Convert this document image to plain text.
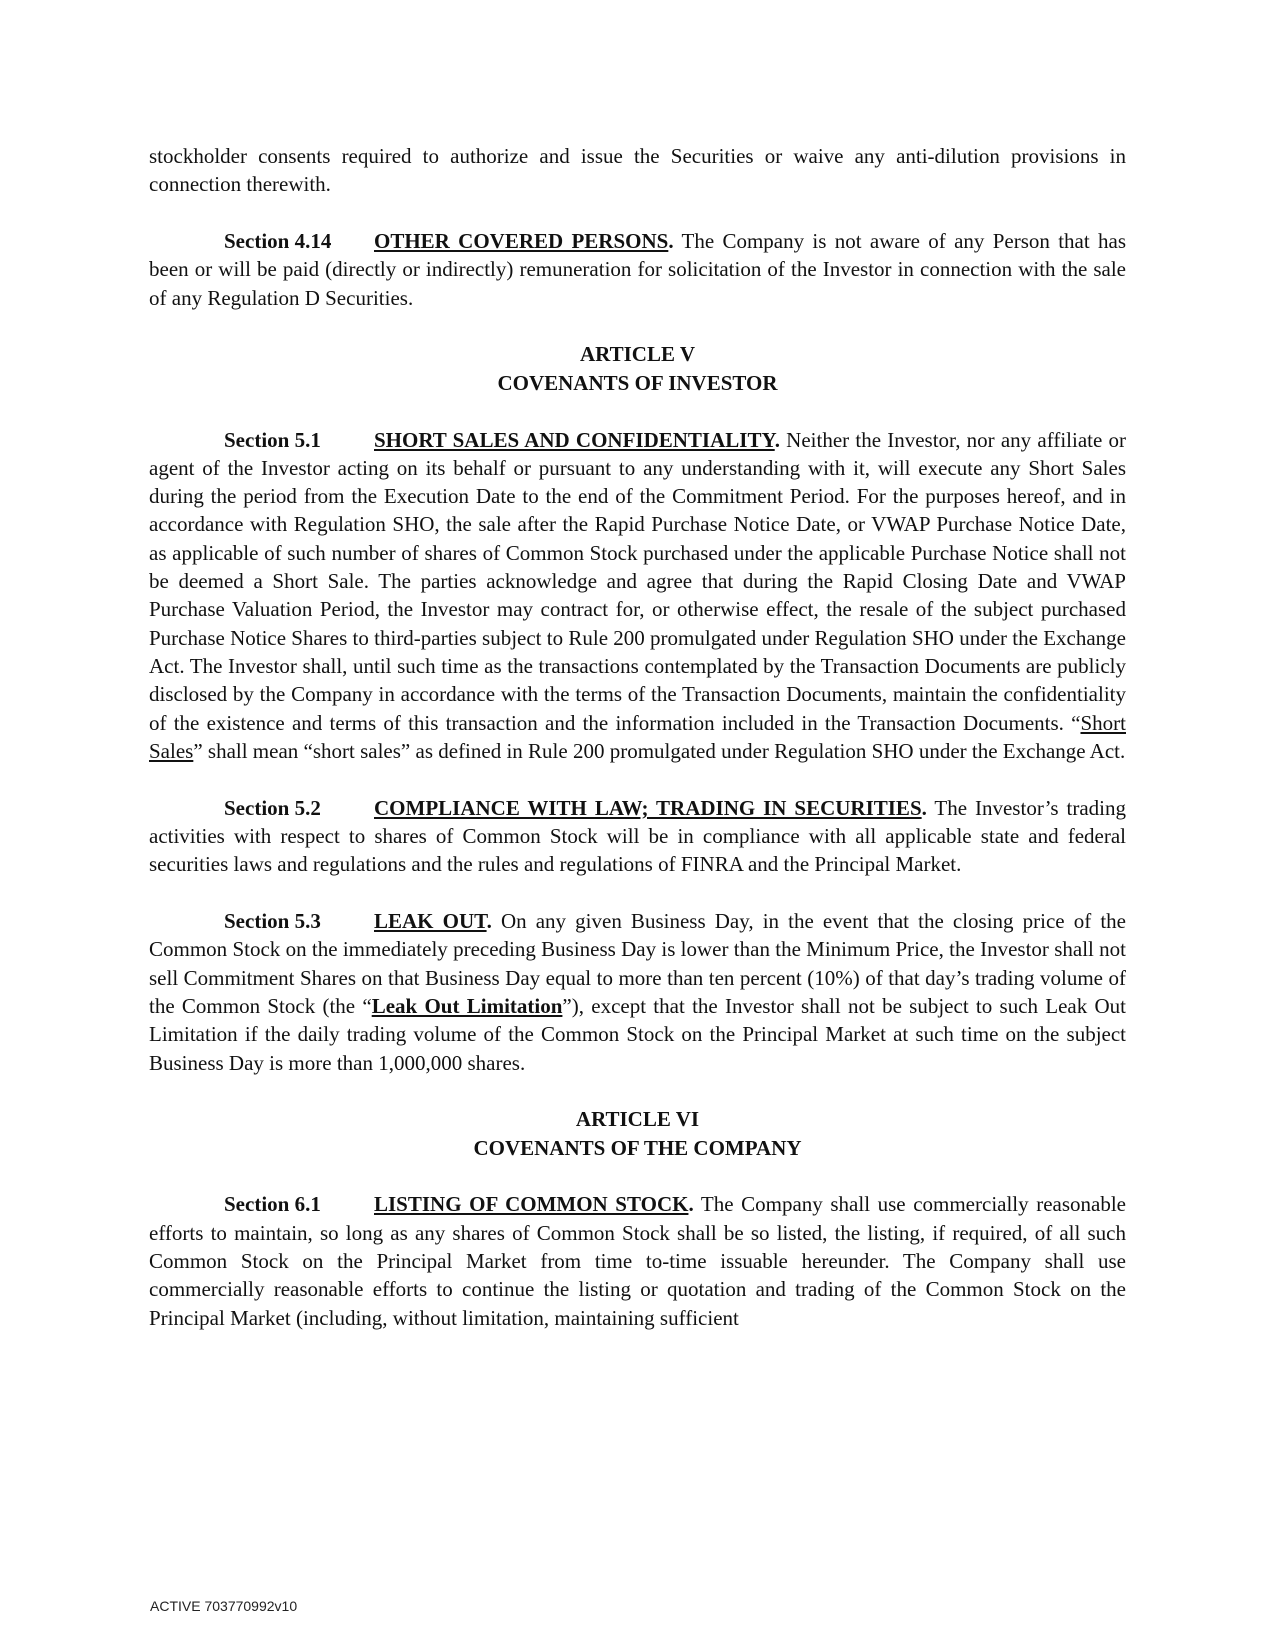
stockholder consents required to authorize and issue the Securities or waive any anti-dilution provisions in connection therewith.

Section 4.14 OTHER COVERED PERSONS. The Company is not aware of any Person that has been or will be paid (directly or indirectly) remuneration for solicitation of the Investor in connection with the sale of any Regulation D Securities.

ARTICLE V
COVENANTS OF INVESTOR

Section 5.1	SHORT SALES AND CONFIDENTIALITY. Neither the Investor, nor any affiliate or agent of the Investor acting on its behalf or pursuant to any understanding with it, will execute any Short Sales during the period from the Execution Date to the end of the Commitment Period. For the purposes hereof, and in accordance with Regulation SHO, the sale after the Rapid Purchase Notice Date, or VWAP Purchase Notice Date, as applicable of such number of shares of Common Stock purchased under the applicable Purchase Notice shall not be deemed a Short Sale. The parties acknowledge and agree that during the Rapid Closing Date and VWAP Purchase Valuation Period, the Investor may contract for, or otherwise effect, the resale of the subject purchased Purchase Notice Shares to third-parties subject to Rule 200 promulgated under Regulation SHO under the Exchange Act. The Investor shall, until such time as the transactions contemplated by the Transaction Documents are publicly disclosed by the Company in accordance with the terms of the Transaction Documents, maintain the confidentiality of the existence and terms of this transaction and the information included in the Transaction Documents. “Short Sales” shall mean “short sales” as defined in Rule 200 promulgated under Regulation SHO under the Exchange Act.

Section 5.2	COMPLIANCE WITH LAW; TRADING IN SECURITIES. The Investor’s trading activities with respect to shares of Common Stock will be in compliance with all applicable state and federal securities laws and regulations and the rules and regulations of FINRA and the Principal Market.

Section 5.3	LEAK OUT. On any given Business Day, in the event that the closing price of the Common Stock on the immediately preceding Business Day is lower than the Minimum Price, the Investor shall not sell Commitment Shares on that Business Day equal to more than ten percent (10%) of that day’s trading volume of the Common Stock (the “Leak Out Limitation”), except that the Investor shall not be subject to such Leak Out Limitation if the daily trading volume of the Common Stock on the Principal Market at such time on the subject Business Day is more than 1,000,000 shares.

ARTICLE VI
COVENANTS OF THE COMPANY

Section 6.1	LISTING OF COMMON STOCK. The Company shall use commercially reasonable efforts to maintain, so long as any shares of Common Stock shall be so listed, the listing, if required, of all such Common Stock on the Principal Market from time to-time issuable hereunder. The Company shall use commercially reasonable efforts to continue the listing or quotation and trading of the Common Stock on the Principal Market (including, without limitation, maintaining sufficient

ACTIVE 703770992v10
